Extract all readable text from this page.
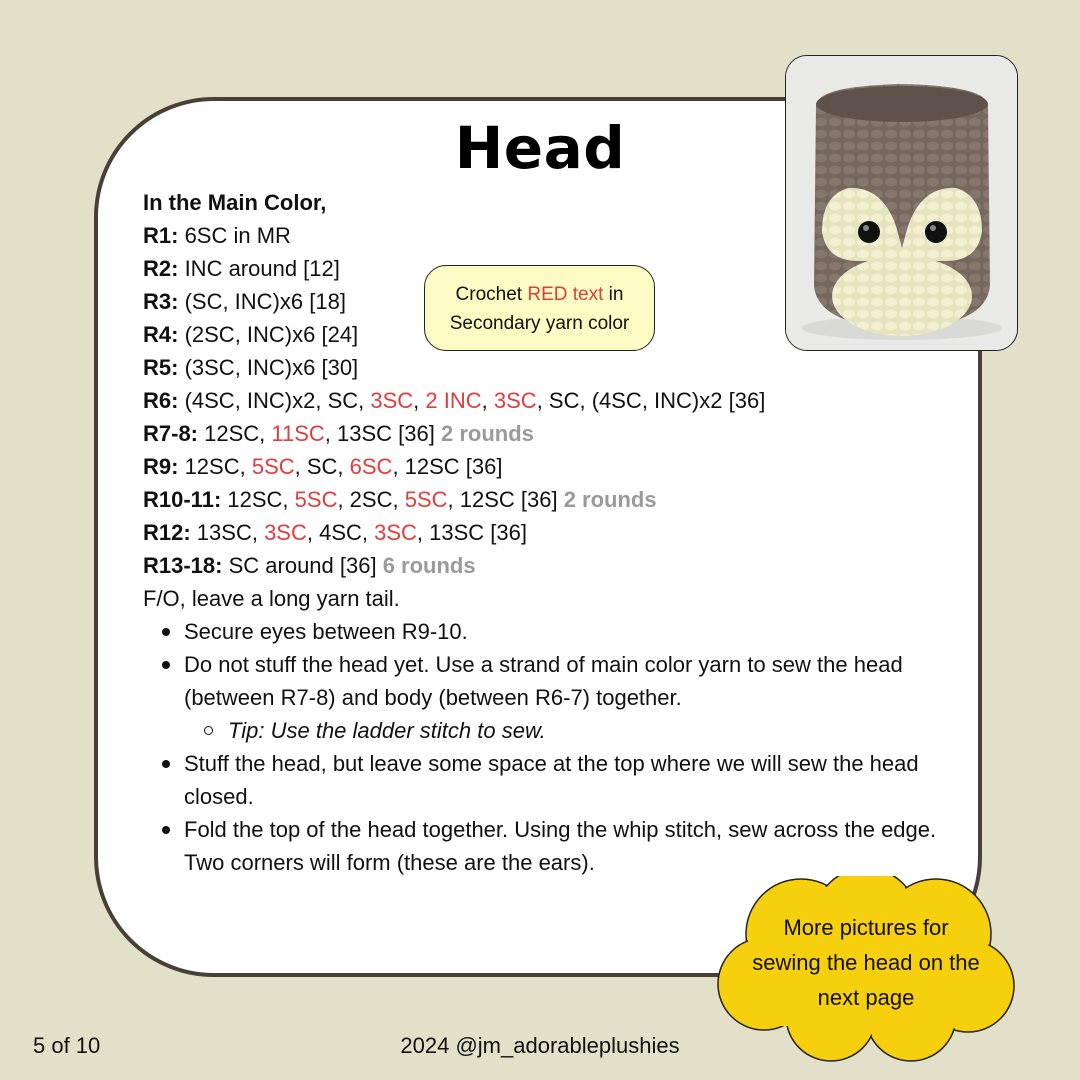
Head
In the Main Color,
R1: 6SC in MR
R2: INC around [12]
R3: (SC, INC)x6 [18]
R4: (2SC, INC)x6 [24]
R5: (3SC, INC)x6 [30]
R6: (4SC, INC)x2, SC, 3SC, 2 INC, 3SC, SC, (4SC, INC)x2 [36]
R7-8: 12SC, 11SC, 13SC [36] 2 rounds
R9: 12SC, 5SC, SC, 6SC, 12SC [36]
R10-11: 12SC, 5SC, 2SC, 5SC, 12SC [36] 2 rounds
R12: 13SC, 3SC, 4SC, 3SC, 13SC [36]
R13-18: SC around [36] 6 rounds
F/O, leave a long yarn tail.
Secure eyes between R9-10.
Do not stuff the head yet. Use a strand of main color yarn to sew the head (between R7-8) and body (between R6-7) together.
Tip: Use the ladder stitch to sew.
Stuff the head, but leave some space at the top where we will sew the head closed.
Fold the top of the head together. Using the whip stitch, sew across the edge. Two corners will form (these are the ears).
Crochet RED text in
Secondary yarn color
More pictures for
sewing the head on the
next page
5 of 10	2024 @jm_adorableplushies
